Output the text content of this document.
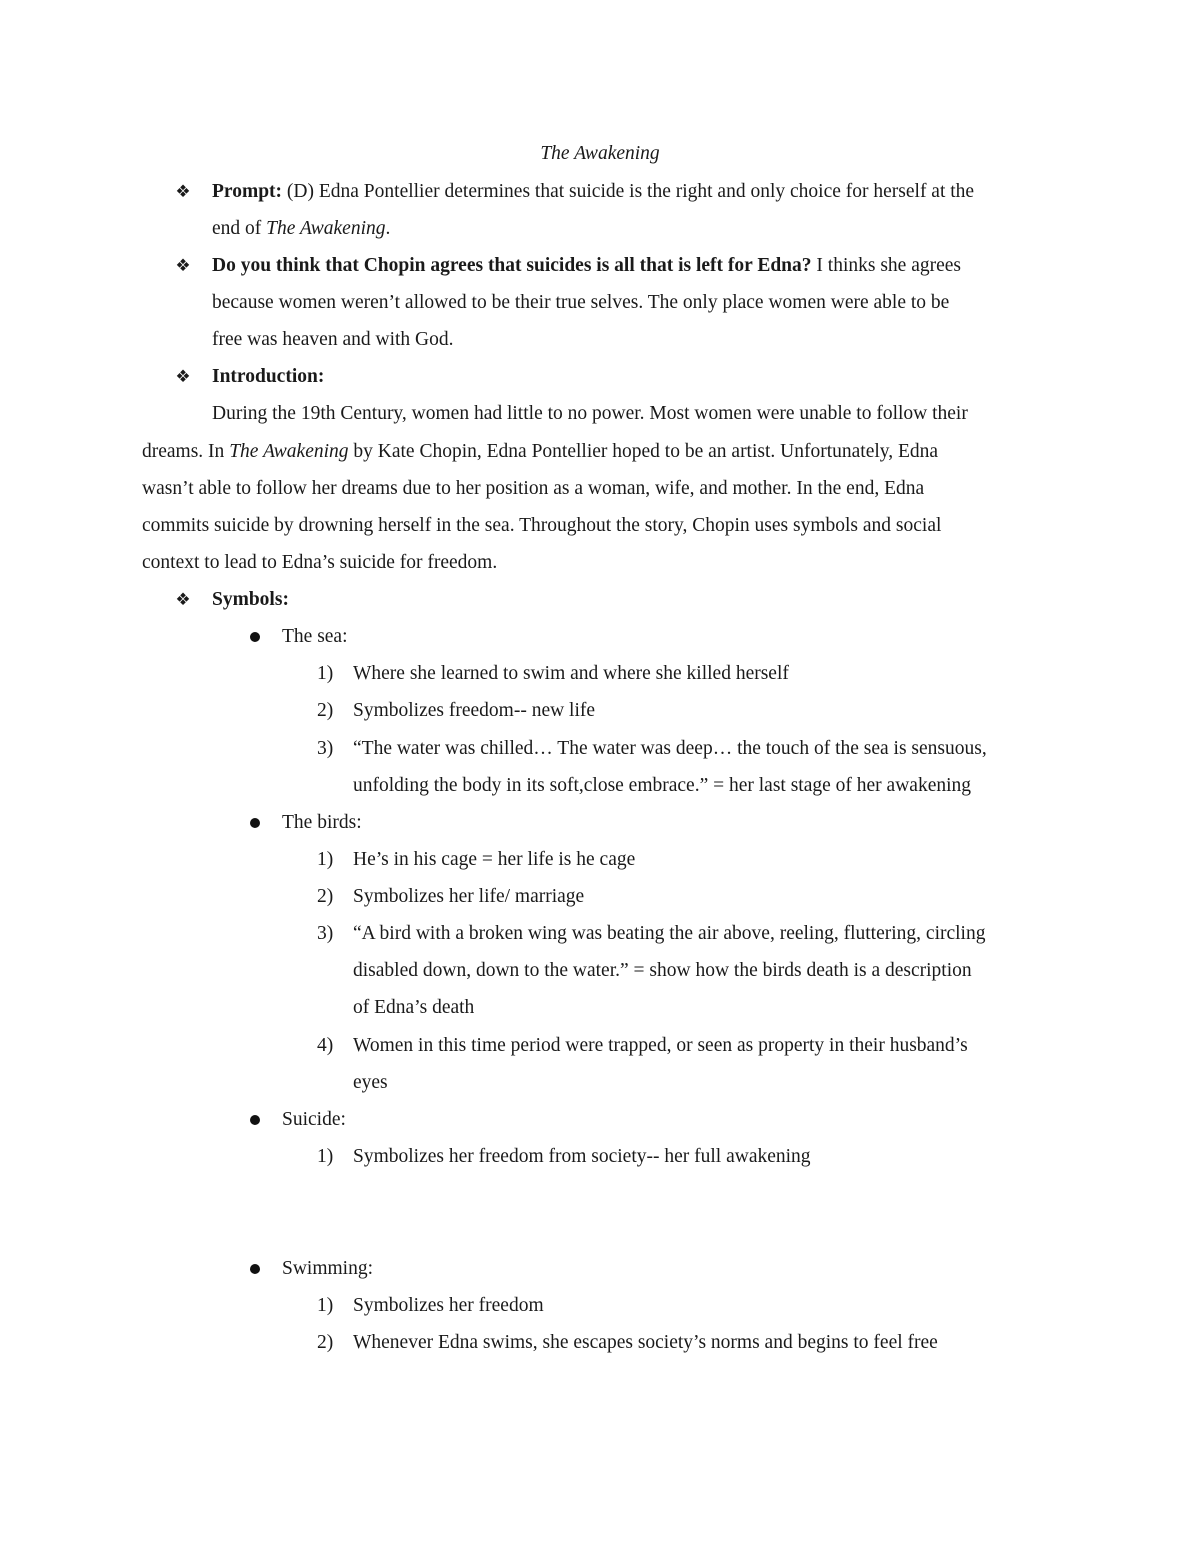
The Awakening
❖ Prompt: (D) Edna Pontellier determines that suicide is the right and only choice for herself at the
end of The Awakening.
❖ Do you think that Chopin agrees that suicides is all that is left for Edna? I thinks she agrees
because women weren’t allowed to be their true selves. The only place women were able to be
free was heaven and with God.
❖ Introduction:
During the 19th Century, women had little to no power. Most women were unable to follow their
dreams. In The Awakening by Kate Chopin, Edna Pontellier hoped to be an artist. Unfortunately, Edna
wasn’t able to follow her dreams due to her position as a woman, wife, and mother. In the end, Edna
commits suicide by drowning herself in the sea. Throughout the story, Chopin uses symbols and social
context to lead to Edna’s suicide for freedom.
❖ Symbols:
The sea:
1) Where she learned to swim and where she killed herself
2) Symbolizes freedom-- new life
3) “The water was chilled… The water was deep… the touch of the sea is sensuous,
unfolding the body in its soft,close embrace.” = her last stage of her awakening
The birds:
1) He’s in his cage = her life is he cage
2) Symbolizes her life/ marriage
3) “A bird with a broken wing was beating the air above, reeling, fluttering, circling
disabled down, down to the water.” = show how the birds death is a description
of Edna’s death
4) Women in this time period were trapped, or seen as property in their husband’s
eyes
Suicide:
1) Symbolizes her freedom from society-- her full awakening
Swimming:
1) Symbolizes her freedom
2) Whenever Edna swims, she escapes society’s norms and begins to feel free
